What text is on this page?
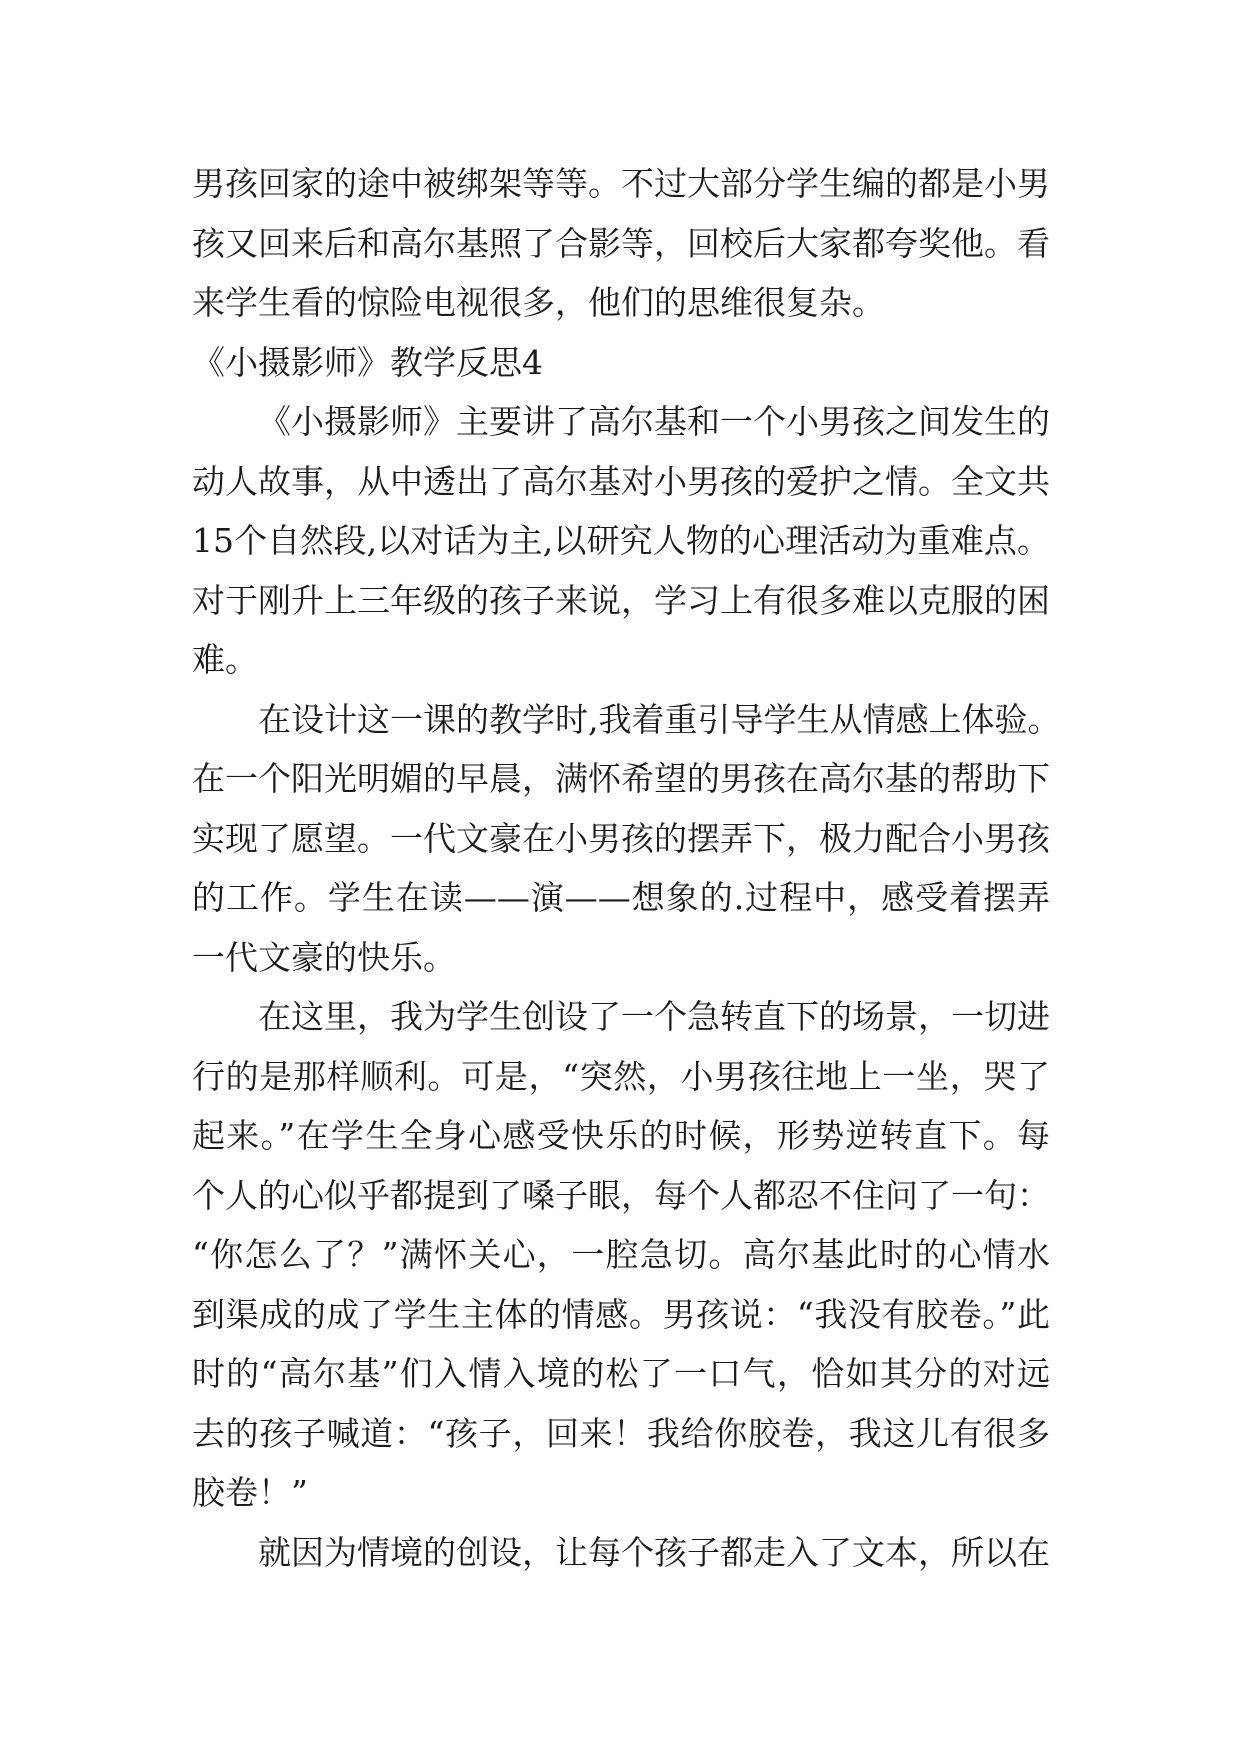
男孩回家的途中被绑架等等。不过大部分学生编的都是小男
孩又回来后和高尔基照了合影等，回校后大家都夸奖他。看
来学生看的惊险电视很多，他们的思维很复杂。
《小摄影师》教学反思4
《小摄影师》主要讲了高尔基和一个小男孩之间发生的
动人故事，从中透出了高尔基对小男孩的爱护之情。全文共
15个自然段,以对话为主,以研究人物的心理活动为重难点。
对于刚升上三年级的孩子来说，学习上有很多难以克服的困
难。
在设计这一课的教学时,我着重引导学生从情感上体验。
在一个阳光明媚的早晨，满怀希望的男孩在高尔基的帮助下
实现了愿望。一代文豪在小男孩的摆弄下，极力配合小男孩
的工作。学生在读——演——想象的.过程中，感受着摆弄
一代文豪的快乐。
在这里，我为学生创设了一个急转直下的场景，一切进
行的是那样顺利。可是，“突然，小男孩往地上一坐，哭了
起来。”在学生全身心感受快乐的时候，形势逆转直下。每
个人的心似乎都提到了嗓子眼，每个人都忍不住问了一句：
“你怎么了？”满怀关心，一腔急切。高尔基此时的心情水
到渠成的成了学生主体的情感。男孩说：“我没有胶卷。”此
时的“高尔基”们入情入境的松了一口气，恰如其分的对远
去的孩子喊道：“孩子，回来！我给你胶卷，我这儿有很多
胶卷！”
就因为情境的创设，让每个孩子都走入了文本，所以在
